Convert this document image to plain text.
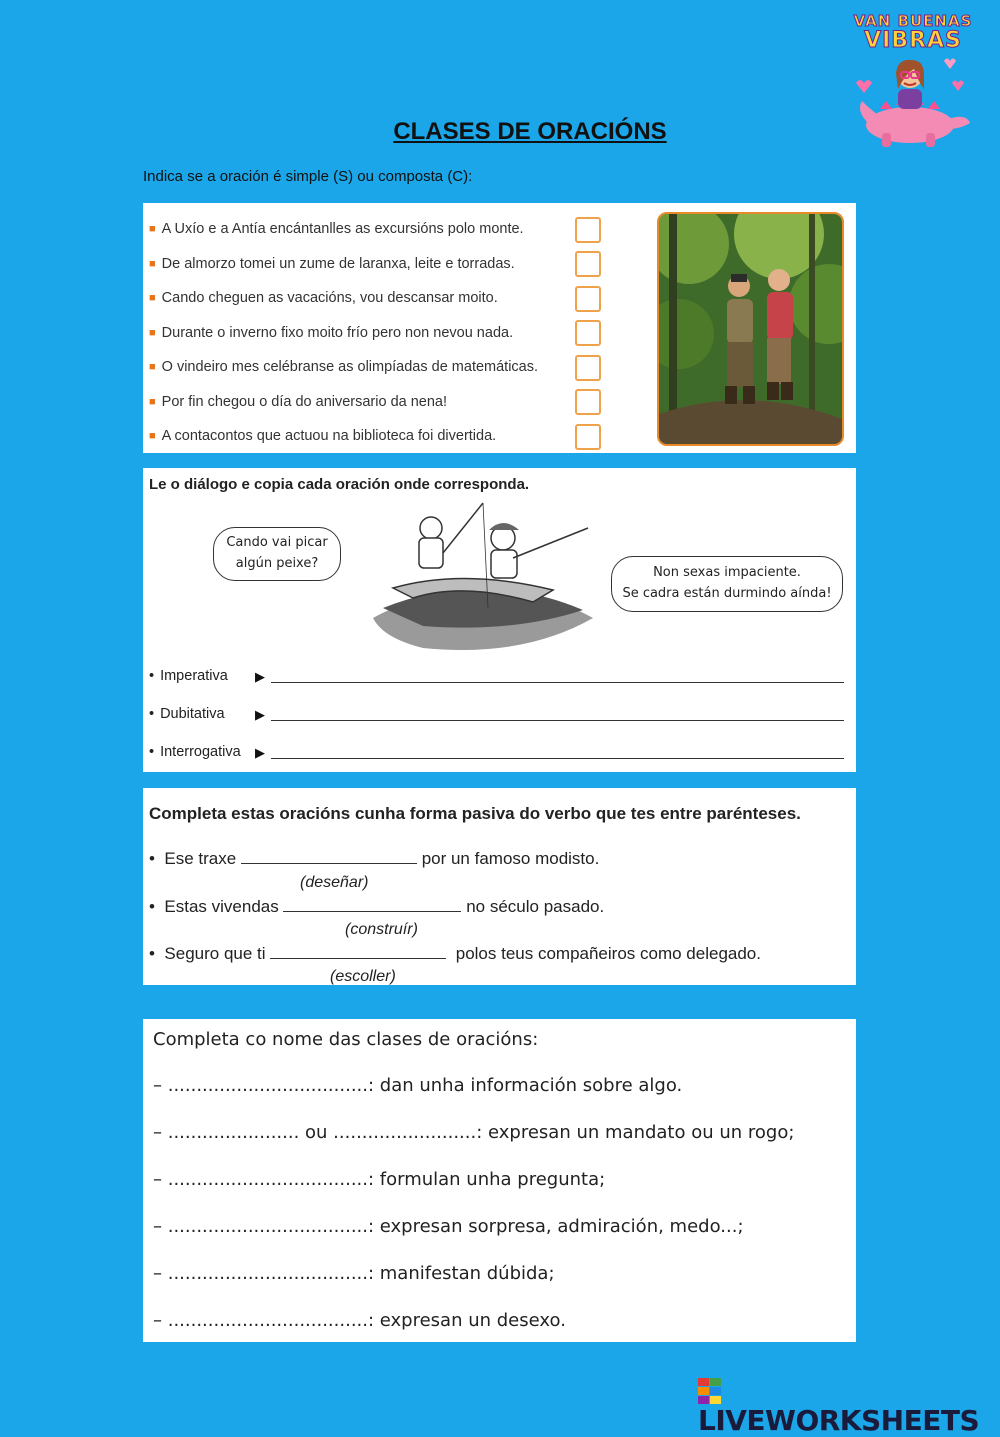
VAN BUENAS
VIBRAS
CLASES DE ORACIÓNS
Indica se a oración é simple (S) ou composta (C):
■ A Uxío e a Antía encántanlles as excursións polo monte.
■ De almorzo tomei un zume de laranxa, leite e torradas.
■ Cando cheguen as vacacións, vou descansar moito.
■ Durante o inverno fixo moito frío pero non nevou nada.
■ O vindeiro mes celébranse as olimpíadas de matemáticas.
■ Por fin chegou o día do aniversario da nena!
■ A contacontos que actuou na biblioteca foi divertida.
Le o diálogo e copia cada oración onde corresponda.
Cando vai picar
algún peixe?
Non sexas impaciente.
Se cadra están durmindo aínda!
• Imperativa ▶
• Dubitativa ▶
• Interrogativa ▶
Completa estas oracións cunha forma pasiva do verbo que tes entre parénteses.
• Ese traxe	por un famoso modisto.
(deseñar)
• Estas vivendas	no século pasado.
(construír)
• Seguro que ti	polos teus compañeiros como delegado.
(escoller)
Completa co nome das clases de oracións:
– ...................................: dan unha información sobre algo.
– ....................... ou .........................: expresan un mandato ou un rogo;
– ...................................: formulan unha pregunta;
– ...................................: expresan sorpresa, admiración, medo...;
– ...................................: manifestan dúbida;
– ...................................: expresan un desexo.
LIVEWORKSHEETS
